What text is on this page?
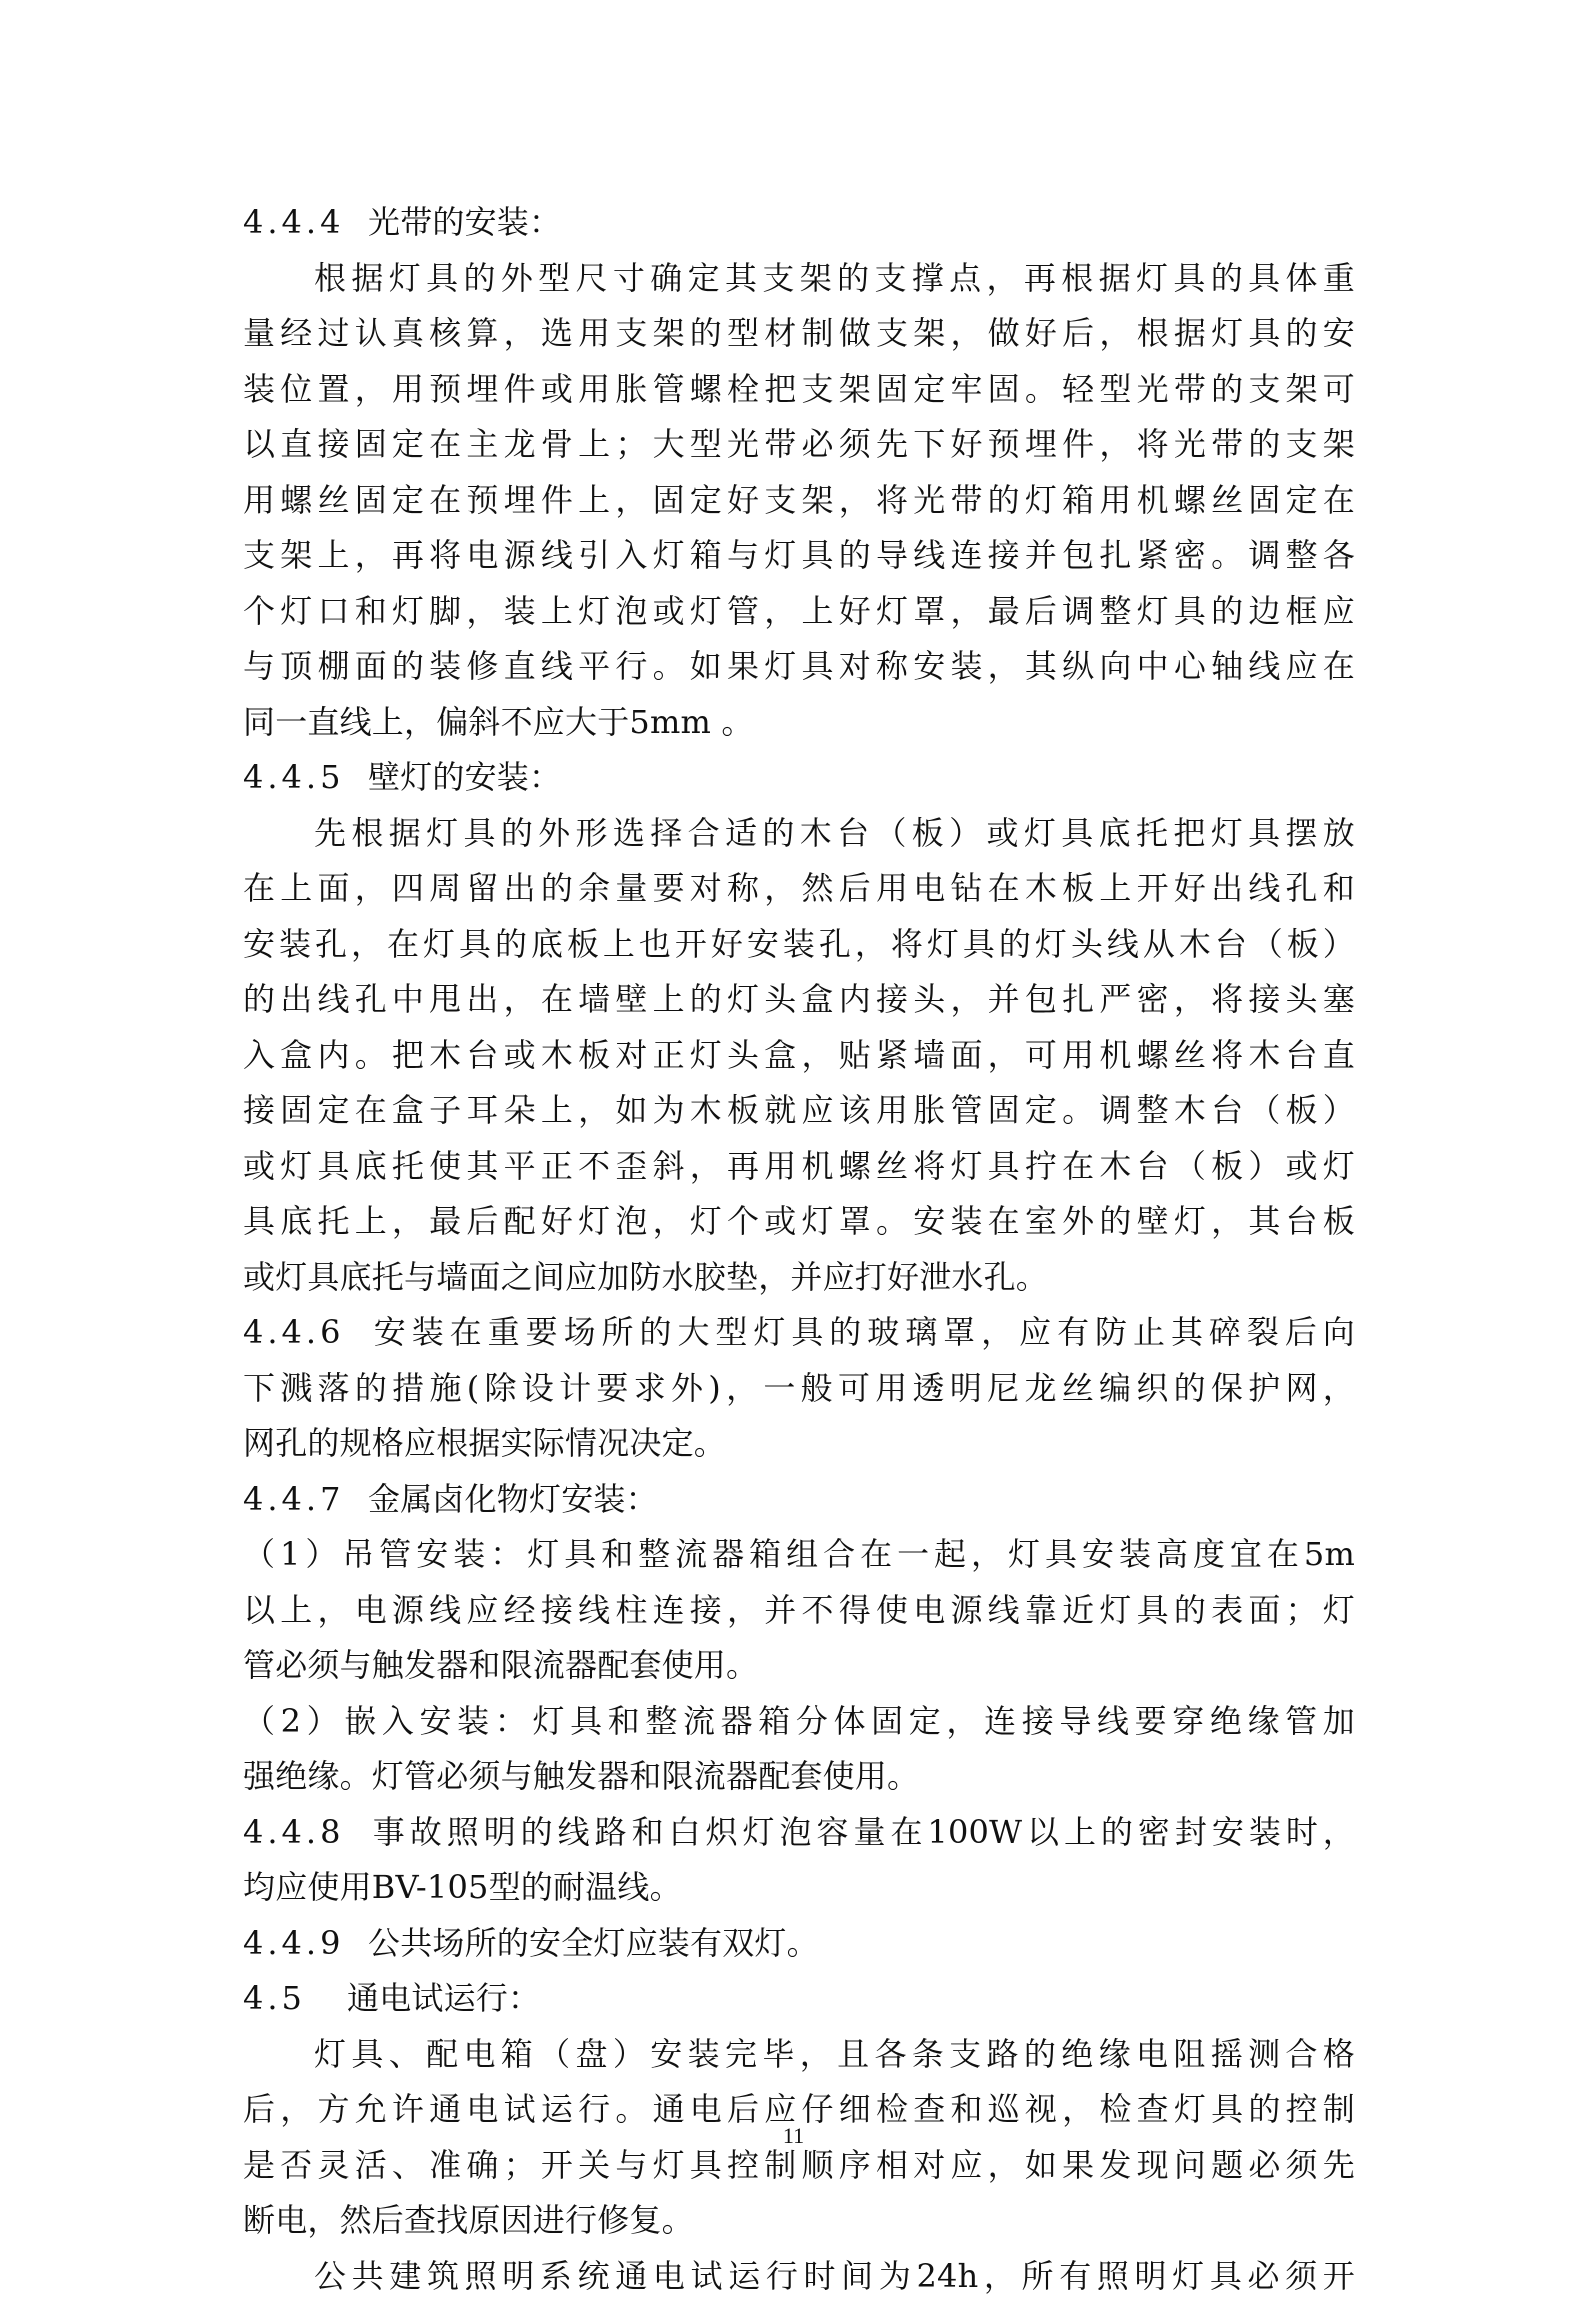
4.4.4 光带的安装：
根据灯具的外型尺寸确定其支架的支撑点，再根据灯具的具体重
量经过认真核算，选用支架的型材制做支架，做好后，根据灯具的安
装位置，用预埋件或用胀管螺栓把支架固定牢固。轻型光带的支架可
以直接固定在主龙骨上；大型光带必须先下好预埋件，将光带的支架
用螺丝固定在预埋件上，固定好支架，将光带的灯箱用机螺丝固定在
支架上，再将电源线引入灯箱与灯具的导线连接并包扎紧密。调整各
个灯口和灯脚，装上灯泡或灯管，上好灯罩，最后调整灯具的边框应
与顶棚面的装修直线平行。如果灯具对称安装，其纵向中心轴线应在
同一直线上，偏斜不应大于5mm 。
4.4.5 壁灯的安装：
先根据灯具的外形选择合适的木台（板）或灯具底托把灯具摆放
在上面，四周留出的余量要对称，然后用电钻在木板上开好出线孔和
安装孔，在灯具的底板上也开好安装孔，将灯具的灯头线从木台（板）
的出线孔中甩出，在墙壁上的灯头盒内接头，并包扎严密，将接头塞
入盒内。把木台或木板对正灯头盒，贴紧墙面，可用机螺丝将木台直
接固定在盒子耳朵上，如为木板就应该用胀管固定。调整木台（板）
或灯具底托使其平正不歪斜，再用机螺丝将灯具拧在木台（板）或灯
具底托上，最后配好灯泡，灯个或灯罩。安装在室外的壁灯，其台板
或灯具底托与墙面之间应加防水胶垫，并应打好泄水孔。
4.4.6 安装在重要场所的大型灯具的玻璃罩，应有防止其碎裂后向
下溅落的措施(除设计要求外)，一般可用透明尼龙丝编织的保护网，
网孔的规格应根据实际情况决定。
4.4.7 金属卤化物灯安装：
（1）吊管安装：灯具和整流器箱组合在一起，灯具安装高度宜在5m
以上，电源线应经接线柱连接，并不得使电源线靠近灯具的表面；灯
管必须与触发器和限流器配套使用。
（2）嵌入安装：灯具和整流器箱分体固定，连接导线要穿绝缘管加
强绝缘。灯管必须与触发器和限流器配套使用。
4.4.8 事故照明的线路和白炽灯泡容量在100W以上的密封安装时，
均应使用BV-105型的耐温线。
4.4.9 公共场所的安全灯应装有双灯。
4.5 通电试运行：
灯具、配电箱（盘）安装完毕，且各条支路的绝缘电阻摇测合格
后，方允许通电试运行。通电后应仔细检查和巡视，检查灯具的控制
是否灵活、准确；开关与灯具控制顺序相对应，如果发现问题必须先
断电，然后查找原因进行修复。
公共建筑照明系统通电试运行时间为24h，所有照明灯具必须开
11
